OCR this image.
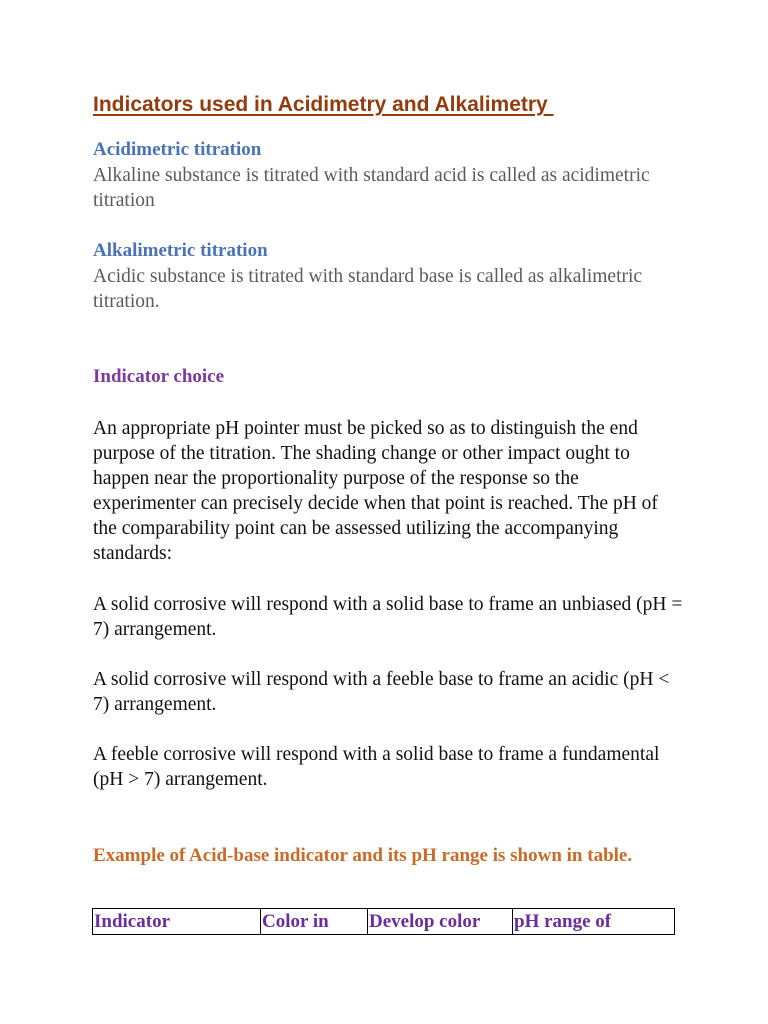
Indicators used in Acidimetry and Alkalimetry
Acidimetric titration

Alkaline substance is titrated with standard acid is called as acidimetric titration

Alkalimetric titration

Acidic substance is titrated with standard base is called as alkalimetric titration.

Indicator choice

An appropriate pH pointer must be picked so as to distinguish the end purpose of the titration. The shading change or other impact ought to happen near the proportionality purpose of the response so the experimenter can precisely decide when that point is reached. The pH of the comparability point can be assessed utilizing the accompanying standards:

A solid corrosive will respond with a solid base to frame an unbiased (pH = 7) arrangement.

A solid corrosive will respond with a feeble base to frame an acidic (pH < 7) arrangement.

A feeble corrosive will respond with a solid base to frame a fundamental (pH > 7) arrangement.

Example of Acid-base indicator and its pH range is shown in table.
Indicator	Color in	Develop color	pH range of
